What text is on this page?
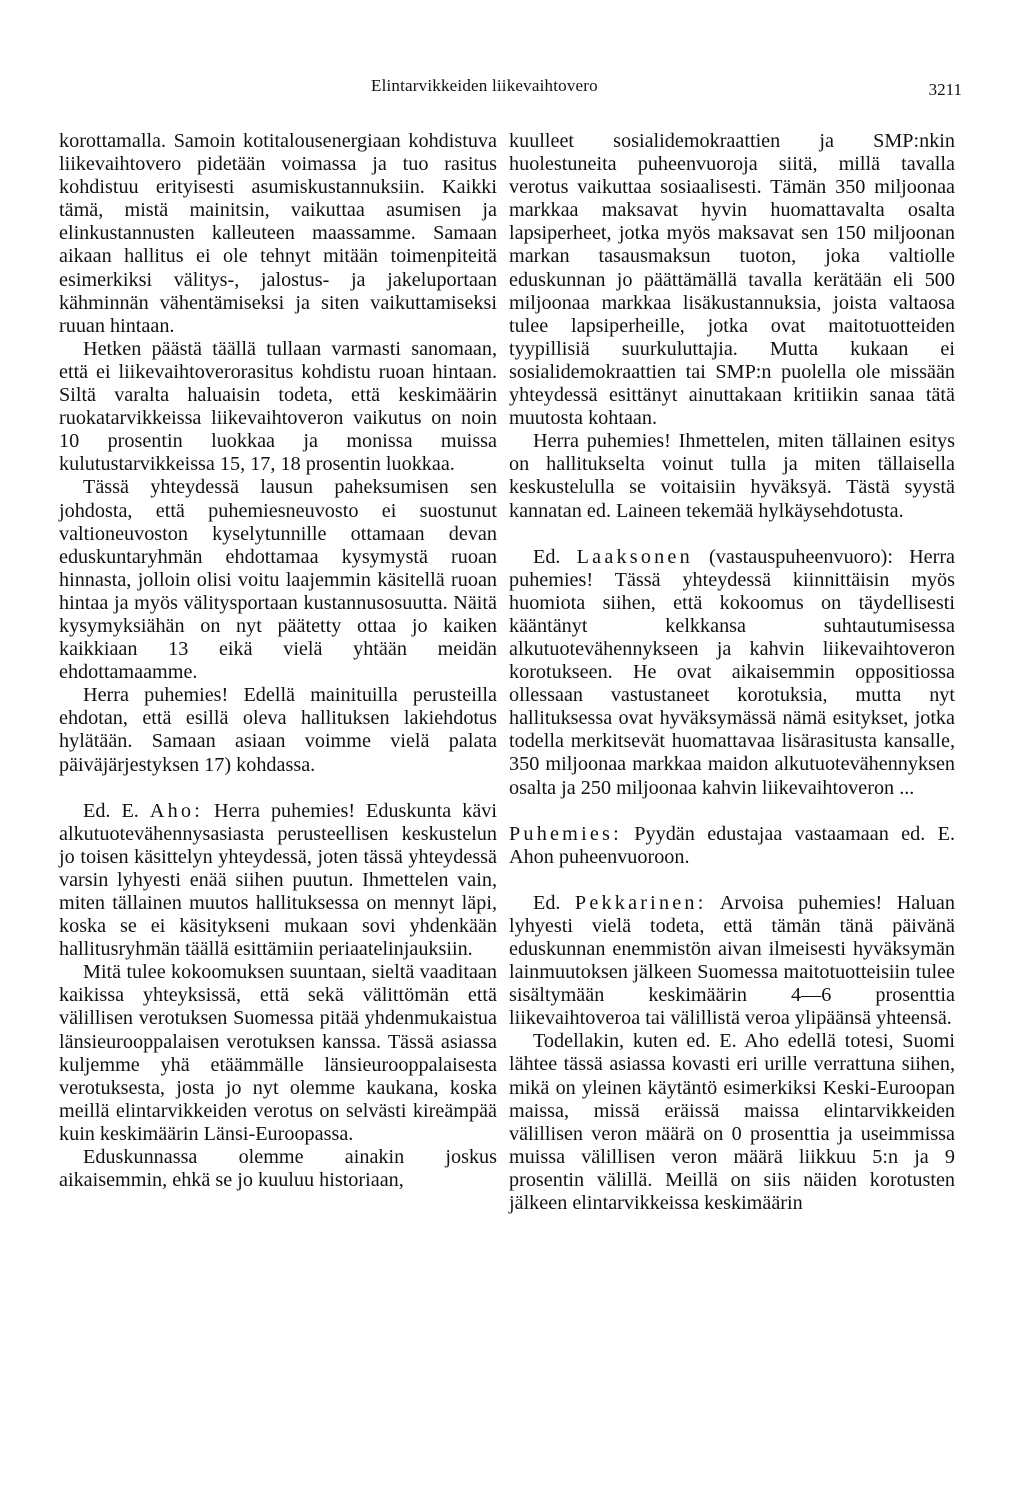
Elintarvikkeiden liikevaihtovero	3211

korottamalla. Samoin kotitalousenergiaan kohdistuva liikevaihtovero pidetään voimassa ja tuo rasitus kohdistuu erityisesti asumiskustannuksiin. Kaikki tämä, mistä mainitsin, vaikuttaa asumisen ja elinkustannusten kalleuteen maassamme. Samaan aikaan hallitus ei ole tehnyt mitään toimenpiteitä esimerkiksi välitys-, jalostus- ja jakeluportaan kähminnän vähentämiseksi ja siten vaikuttamiseksi ruuan hintaan.

Hetken päästä täällä tullaan varmasti sanomaan, että ei liikevaihtoverorasitus kohdistu ruoan hintaan. Siltä varalta haluaisin todeta, että keskimäärin ruokatarvikkeissa liikevaihtoveron vaikutus on noin 10 prosentin luokkaa ja monissa muissa kulutustarvikkeissa 15, 17, 18 prosentin luokkaa.

Tässä yhteydessä lausun paheksumisen sen johdosta, että puhemiesneuvosto ei suostunut valtioneuvoston kyselytunnille ottamaan devan eduskuntaryhmän ehdottamaa kysymystä ruoan hinnasta, jolloin olisi voitu laajemmin käsitellä ruoan hintaa ja myös välitysportaan kustannusosuutta. Näitä kysymyksiähän on nyt päätetty ottaa jo kaiken kaikkiaan 13 eikä vielä yhtään meidän ehdottamaamme.

Herra puhemies! Edellä mainituilla perusteilla ehdotan, että esillä oleva hallituksen lakiehdotus hylätään. Samaan asiaan voimme vielä palata päiväjärjestyksen 17) kohdassa.

Ed. E. Aho: Herra puhemies! Eduskunta kävi alkutuotevähennysasiasta perusteellisen keskustelun jo toisen käsittelyn yhteydessä, joten tässä yhteydessä varsin lyhyesti enää siihen puutun. Ihmettelen vain, miten tällainen muutos hallituksessa on mennyt läpi, koska se ei käsitykseni mukaan sovi yhdenkään hallitusryhmän täällä esittämiin periaatelinjauksiin.

Mitä tulee kokoomuksen suuntaan, sieltä vaaditaan kaikissa yhteyksissä, että sekä välittömän että välillisen verotuksen Suomessa pitää yhdenmukaistua länsieurooppalaisen verotuksen kanssa. Tässä asiassa kuljemme yhä etäämmälle länsieurooppalaisesta verotuksesta, josta jo nyt olemme kaukana, koska meillä elintarvikkeiden verotus on selvästi kireämpää kuin keskimäärin Länsi-Euroopassa.

Eduskunnassa olemme ainakin joskus aikaisemmin, ehkä se jo kuuluu historiaan,

kuulleet sosialidemokraattien ja SMP:nkin huolestuneita puheenvuoroja siitä, millä tavalla verotus vaikuttaa sosiaalisesti. Tämän 350 miljoonaa markkaa maksavat hyvin huomattavalta osalta lapsiperheet, jotka myös maksavat sen 150 miljoonan markan tasausmaksun tuoton, joka valtiolle eduskunnan jo päättämällä tavalla kerätään eli 500 miljoonaa markkaa lisäkustannuksia, joista valtaosa tulee lapsiperheille, jotka ovat maitotuotteiden tyypillisiä suurkuluttajia. Mutta kukaan ei sosialidemokraattien tai SMP:n puolella ole missään yhteydessä esittänyt ainuttakaan kritiikin sanaa tätä muutosta kohtaan.

Herra puhemies! Ihmettelen, miten tällainen esitys on hallitukselta voinut tulla ja miten tällaisella keskustelulla se voitaisiin hyväksyä. Tästä syystä kannatan ed. Laineen tekemää hylkäysehdotusta.

Ed. Laaksonen (vastauspuheenvuoro): Herra puhemies! Tässä yhteydessä kiinnittäisin myös huomiota siihen, että kokoomus on täydellisesti kääntänyt kelkkansa suhtautumisessa alkutuotevähennykseen ja kahvin liikevaihtoveron korotukseen. He ovat aikaisemmin oppositiossa ollessaan vastustaneet korotuksia, mutta nyt hallituksessa ovat hyväksymässä nämä esitykset, jotka todella merkitsevät huomattavaa lisärasitusta kansalle, 350 miljoonaa markkaa maidon alkutuotevähennyksen osalta ja 250 miljoonaa kahvin liikevaihtoveron ...

Puhemies: Pyydän edustajaa vastaamaan ed. E. Ahon puheenvuoroon.

Ed. Pekkarinen: Arvoisa puhemies! Haluan lyhyesti vielä todeta, että tämän tänä päivänä eduskunnan enemmistön aivan ilmeisesti hyväksymän lainmuutoksen jälkeen Suomessa maitotuotteisiin tulee sisältymään keskimäärin 4—6 prosenttia liikevaihtoveroa tai välillistä veroa ylipäänsä yhteensä.

Todellakin, kuten ed. E. Aho edellä totesi, Suomi lähtee tässä asiassa kovasti eri urille verrattuna siihen, mikä on yleinen käytäntö esimerkiksi Keski-Euroopan maissa, missä eräissä maissa elintarvikkeiden välillisen veron määrä on 0 prosenttia ja useimmissa muissa välillisen veron määrä liikkuu 5:n ja 9 prosentin välillä. Meillä on siis näiden korotusten jälkeen elintarvikkeissa keskimäärin
